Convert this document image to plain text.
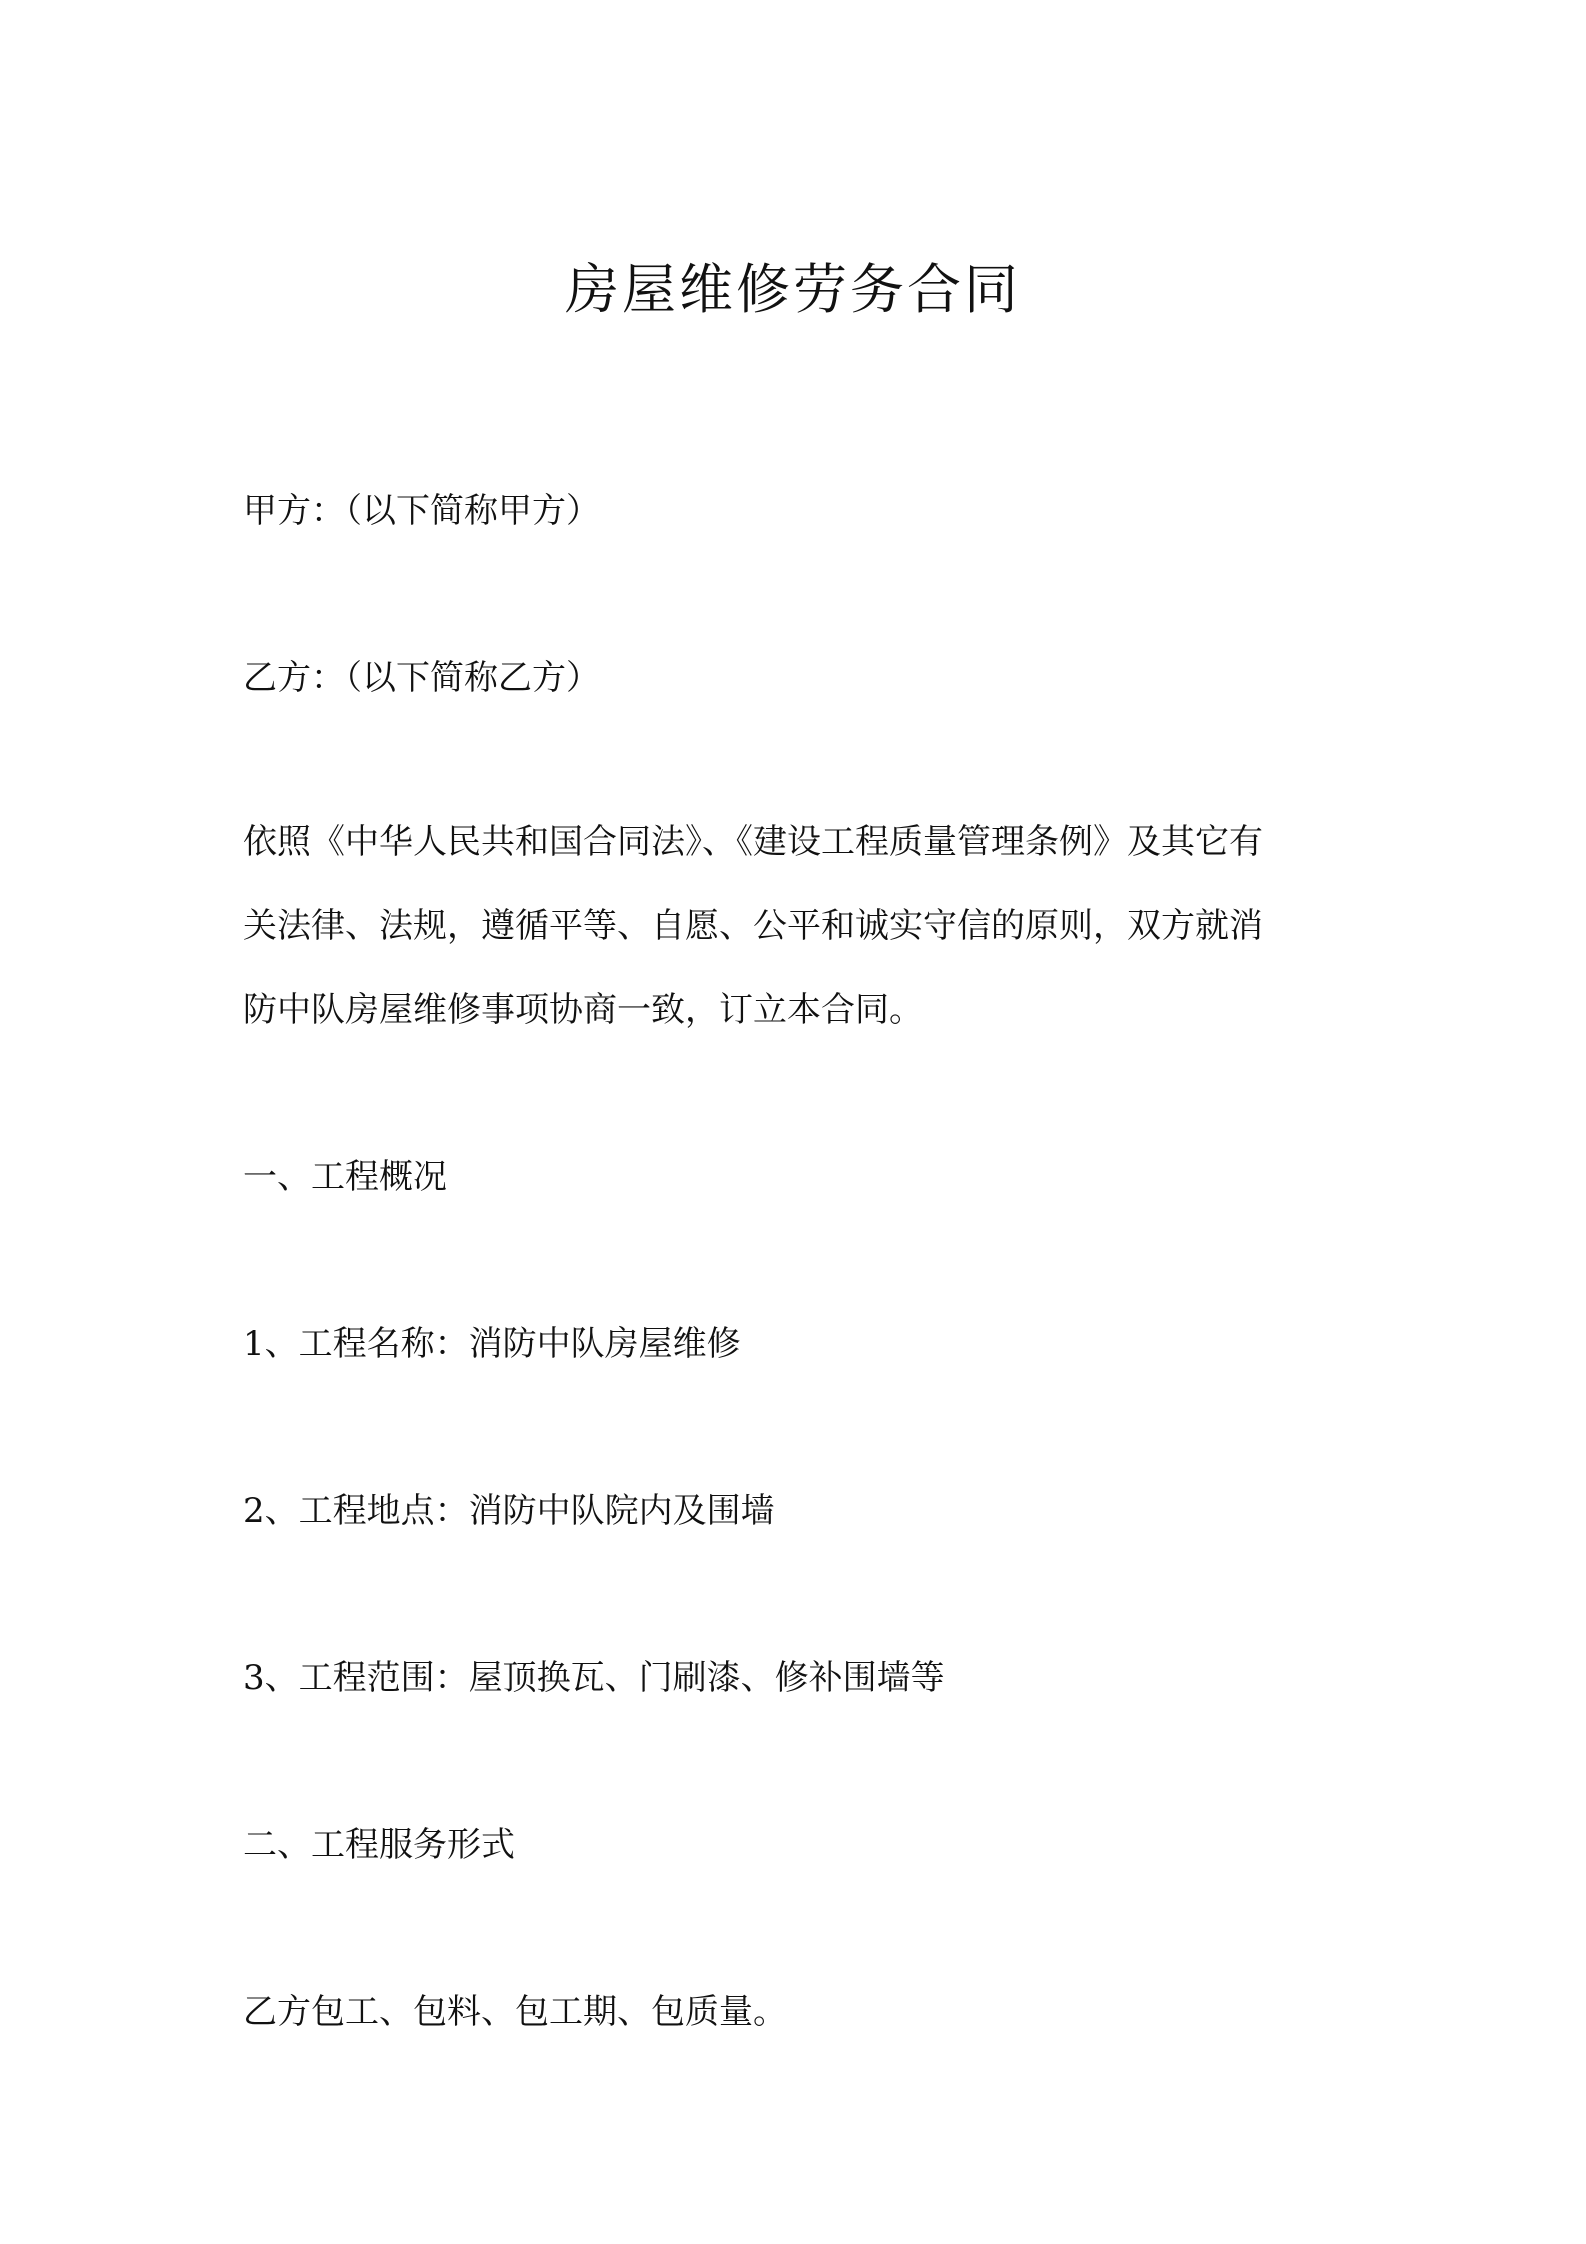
房屋维修劳务合同
甲方：（以下简称甲方）
乙方：（以下简称乙方）
依照《中华人民共和国合同法》、《建设工程质量管理条例》及其它有
关法律、法规，遵循平等、自愿、公平和诚实守信的原则，双方就消
防中队房屋维修事项协商一致，订立本合同。
一、工程概况
1、工程名称：消防中队房屋维修
2、工程地点：消防中队院内及围墙
3、工程范围：屋顶换瓦、门刷漆、修补围墙等
二、工程服务形式
乙方包工、包料、包工期、包质量。
